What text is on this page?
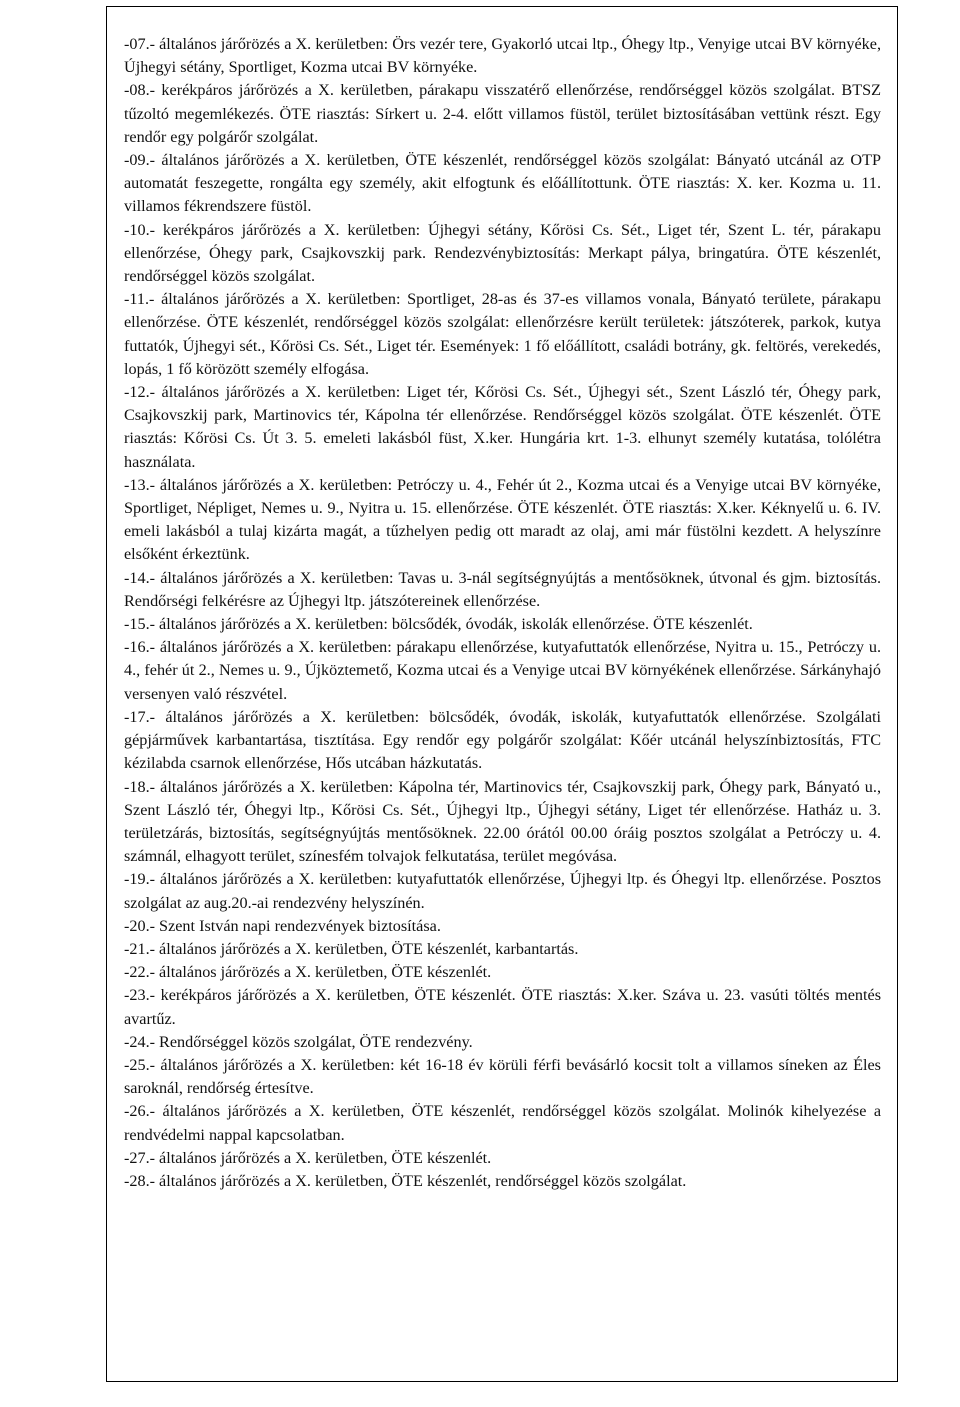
-07.- általános járőrözés a X. kerületben: Örs vezér tere, Gyakorló utcai ltp., Óhegy ltp., Venyige utcai BV környéke, Újhegyi sétány, Sportliget, Kozma utcai BV környéke.

-08.- kerékpáros járőrözés a X. kerületben, párakapu visszatérő ellenőrzése, rendőrséggel közös szolgálat. BTSZ tűzoltó megemlékezés. ÖTE riasztás: Sírkert u. 2-4. előtt villamos füstöl, terület biztosításában vettünk részt. Egy rendőr egy polgárőr szolgálat.

-09.- általános járőrözés a X. kerületben, ÖTE készenlét, rendőrséggel közös szolgálat: Bányató utcánál az OTP automatát feszegette, rongálta egy személy, akit elfogtunk és előállítottunk. ÖTE riasztás: X. ker. Kozma u. 11. villamos fékrendszere füstöl.

-10.- kerékpáros járőrözés a X. kerületben: Újhegyi sétány, Kőrösi Cs. Sét., Liget tér, Szent L. tér, párakapu ellenőrzése, Óhegy park, Csajkovszkij park. Rendezvénybiztosítás: Merkapt pálya, bringatúra. ÖTE készenlét, rendőrséggel közös szolgálat.

-11.- általános járőrözés a X. kerületben: Sportliget, 28-as és 37-es villamos vonala, Bányató területe, párakapu ellenőrzése. ÖTE készenlét, rendőrséggel közös szolgálat: ellenőrzésre került területek: játszóterek, parkok, kutya futtatók, Újhegyi sét., Kőrösi Cs. Sét., Liget tér. Események: 1 fő előállított, családi botrány, gk. feltörés, verekedés, lopás, 1 fő körözött személy elfogása.

-12.- általános járőrözés a X. kerületben: Liget tér, Kőrösi Cs. Sét., Újhegyi sét., Szent László tér, Óhegy park, Csajkovszkij park, Martinovics tér, Kápolna tér ellenőrzése. Rendőrséggel közös szolgálat. ÖTE készenlét. ÖTE riasztás: Kőrösi Cs. Út 3. 5. emeleti lakásból füst, X.ker. Hungária krt. 1-3. elhunyt személy kutatása, tolólétra használata.

-13.- általános járőrözés a X. kerületben: Petróczy u. 4., Fehér út 2., Kozma utcai és a Venyige utcai BV környéke, Sportliget, Népliget, Nemes u. 9., Nyitra u. 15. ellenőrzése. ÖTE készenlét. ÖTE riasztás: X.ker. Kéknyelű u. 6. IV. emeli lakásból a tulaj kizárta magát, a tűzhelyen pedig ott maradt az olaj, ami már füstölni kezdett. A helyszínre elsőként érkeztünk.

-14.- általános járőrözés a X. kerületben: Tavas u. 3-nál segítségnyújtás a mentősöknek, útvonal és gjm. biztosítás. Rendőrségi felkérésre az Újhegyi ltp. játszótereinek ellenőrzése.

-15.- általános járőrözés a X. kerületben: bölcsődék, óvodák, iskolák ellenőrzése. ÖTE készenlét.

-16.- általános járőrözés a X. kerületben: párakapu ellenőrzése, kutyafuttatók ellenőrzése, Nyitra u. 15., Petróczy u. 4., fehér út 2., Nemes u. 9., Újköztemető, Kozma utcai és a Venyige utcai BV környékének ellenőrzése. Sárkányhajó versenyen való részvétel.

-17.- általános járőrözés a X. kerületben: bölcsődék, óvodák, iskolák, kutyafuttatók ellenőrzése. Szolgálati gépjárművek karbantartása, tisztítása. Egy rendőr egy polgárőr szolgálat: Kőér utcánál helyszínbiztosítás, FTC kézilabda csarnok ellenőrzése, Hős utcában házkutatás.

-18.- általános járőrözés a X. kerületben: Kápolna tér, Martinovics tér, Csajkovszkij park, Óhegy park, Bányató u., Szent László tér, Óhegyi ltp., Kőrösi Cs. Sét., Újhegyi ltp., Újhegyi sétány, Liget tér ellenőrzése. Hatház u. 3. területzárás, biztosítás, segítségnyújtás mentősöknek. 22.00 órától 00.00 óráig posztos szolgálat a Petróczy u. 4. számnál, elhagyott terület, színesfém tolvajok felkutatása, terület megóvása.

-19.- általános járőrözés a X. kerületben: kutyafuttatók ellenőrzése, Újhegyi ltp. és Óhegyi ltp. ellenőrzése. Posztos szolgálat az aug.20.-ai rendezvény helyszínén.

-20.- Szent István napi rendezvények biztosítása.

-21.- általános járőrözés a X. kerületben, ÖTE készenlét, karbantartás.

-22.- általános járőrözés a X. kerületben, ÖTE készenlét.

-23.- kerékpáros járőrözés a X. kerületben, ÖTE készenlét. ÖTE riasztás: X.ker. Száva u. 23. vasúti töltés mentés avartűz.

-24.- Rendőrséggel közös szolgálat, ÖTE rendezvény.

-25.- általános járőrözés a X. kerületben: két 16-18 év körüli férfi bevásárló kocsit tolt a villamos síneken az Éles saroknál, rendőrség értesítve.

-26.- általános járőrözés a X. kerületben, ÖTE készenlét, rendőrséggel közös szolgálat. Molinók kihelyezése a rendvédelmi nappal kapcsolatban.

-27.- általános járőrözés a X. kerületben, ÖTE készenlét.

-28.- általános járőrözés a X. kerületben, ÖTE készenlét, rendőrséggel közös szolgálat.
